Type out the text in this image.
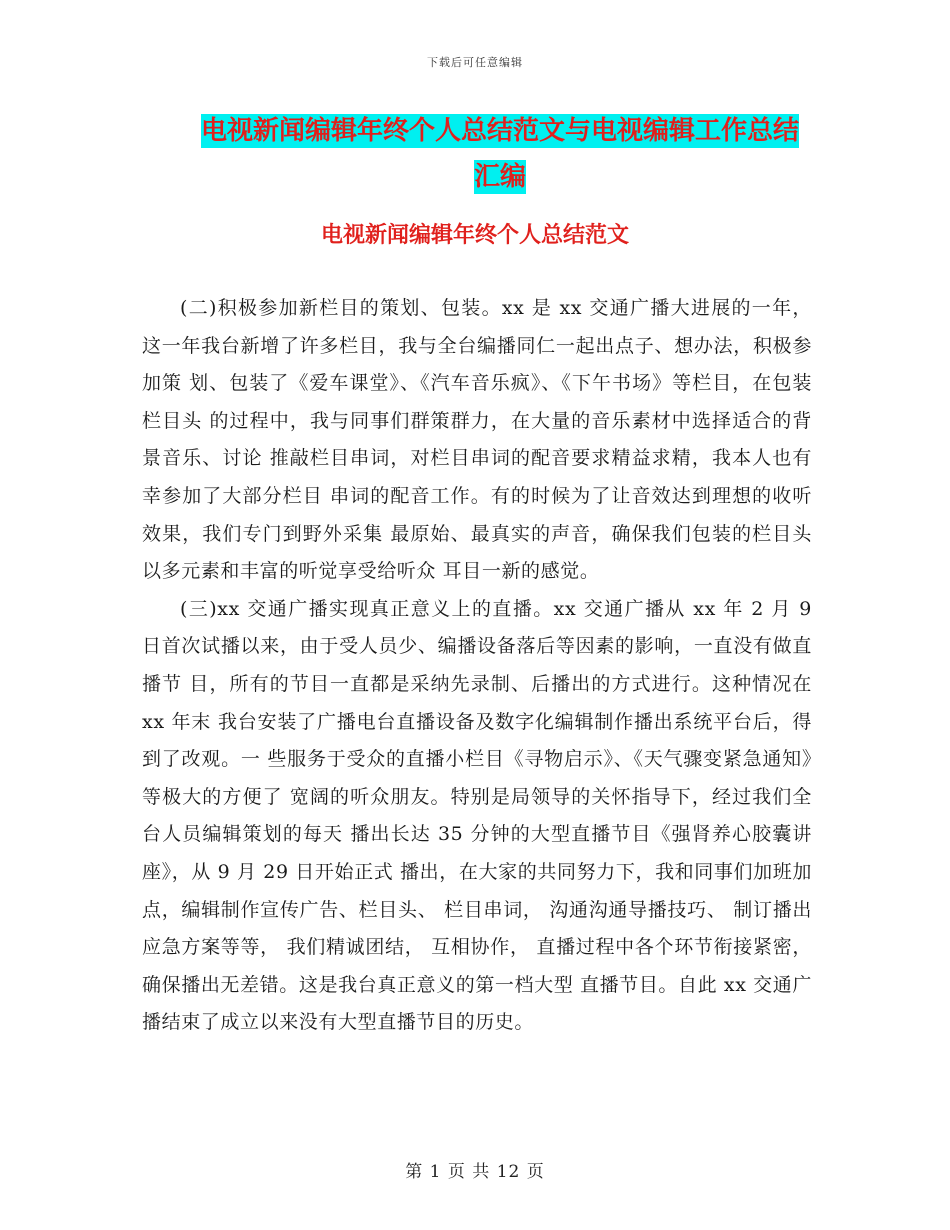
下载后可任意编辑
电视新闻编辑年终个人总结范文与电视编辑工作总结
汇编
电视新闻编辑年终个人总结范文

(二)积极参加新栏目的策划、包装。xx 是 xx 交通广播大进展的一年， 这一年我台新增了许多栏目，我与全台编播同仁一起出点子、想办法，积极参加策 划、包装了《爱车课堂》、《汽车音乐疯》、《下午书场》等栏目，在包装栏目头 的过程中，我与同事们群策群力，在大量的音乐素材中选择适合的背景音乐、讨论 推敲栏目串词，对栏目串词的配音要求精益求精，我本人也有幸参加了大部分栏目 串词的配音工作。有的时候为了让音效达到理想的收听效果，我们专门到野外采集 最原始、最真实的声音，确保我们包装的栏目头以多元素和丰富的听觉享受给听众 耳目一新的感觉。

(三)xx 交通广播实现真正意义上的直播。xx 交通广播从 xx 年 2 月 9 日首次试播以来，由于受人员少、编播设备落后等因素的影响，一直没有做直播节 目，所有的节目一直都是采纳先录制、后播出的方式进行。这种情况在 xx 年末 我台安装了广播电台直播设备及数字化编辑制作播出系统平台后，得到了改观。一 些服务于受众的直播小栏目《寻物启示》、《天气骤变紧急通知》等极大的方便了 宽阔的听众朋友。特别是局领导的关怀指导下，经过我们全台人员编辑策划的每天 播出长达 35 分钟的大型直播节目《强肾养心胶囊讲座》，从 9 月 29 日开始正式 播出，在大家的共同努力下，我和同事们加班加点，编辑制作宣传广告、栏目头、 栏目串词， 沟通沟通导播技巧、 制订播出应急方案等等， 我们精诚团结， 互相协作， 直播过程中各个环节衔接紧密，确保播出无差错。这是我台真正意义的第一档大型 直播节目。自此 xx 交通广播结束了成立以来没有大型直播节目的历史。

第 1 页 共 12 页
